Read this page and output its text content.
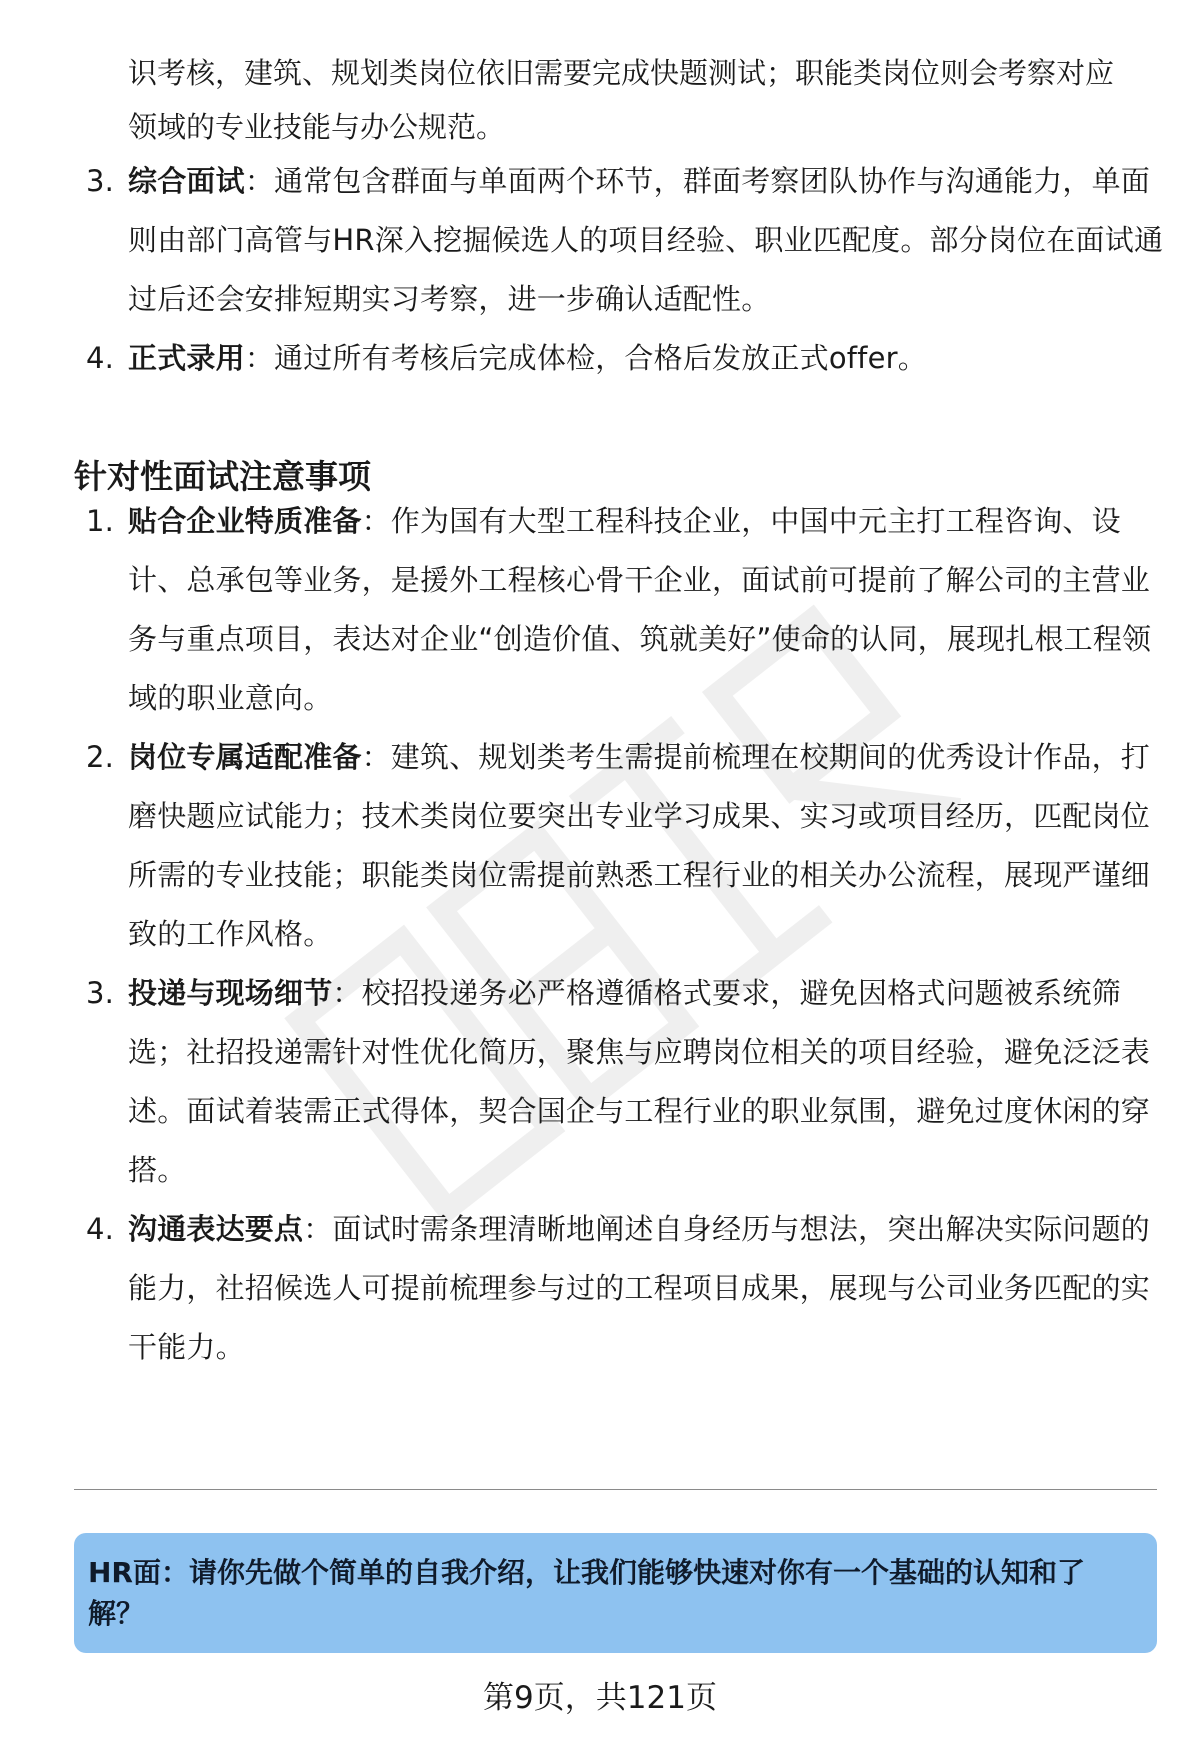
识考核，建筑、规划类岗位依旧需要完成快题测试；职能类岗位则会考察对应
领域的专业技能与办公规范。
3. 综合面试：通常包含群面与单面两个环节，群面考察团队协作与沟通能力，单面则由部门高管与HR深入挖掘候选人的项目经验、职业匹配度。部分岗位在面试通过后还会安排短期实习考察，进一步确认适配性。
4. 正式录用：通过所有考核后完成体检，合格后发放正式offer。
针对性面试注意事项
1. 贴合企业特质准备：作为国有大型工程科技企业，中国中元主打工程咨询、设计、总承包等业务，是援外工程核心骨干企业，面试前可提前了解公司的主营业务与重点项目，表达对企业“创造价值、筑就美好”使命的认同，展现扎根工程领域的职业意向。
2. 岗位专属适配准备：建筑、规划类考生需提前梳理在校期间的优秀设计作品，打磨快题应试能力；技术类岗位要突出专业学习成果、实习或项目经历，匹配岗位所需的专业技能；职能类岗位需提前熟悉工程行业的相关办公流程，展现严谨细致的工作风格。
3. 投递与现场细节：校招投递务必严格遵循格式要求，避免因格式问题被系统筛选；社招投递需针对性优化简历，聚焦与应聘岗位相关的项目经验，避免泛泛表述。面试着装需正式得体，契合国企与工程行业的职业氛围，避免过度休闲的穿搭。
4. 沟通表达要点：面试时需条理清晰地阐述自身经历与想法，突出解决实际问题的能力，社招候选人可提前梳理参与过的工程项目成果，展现与公司业务匹配的实干能力。
HR面：请你先做个简单的自我介绍，让我们能够快速对你有一个基础的认知和了解？
第9页，共121页
